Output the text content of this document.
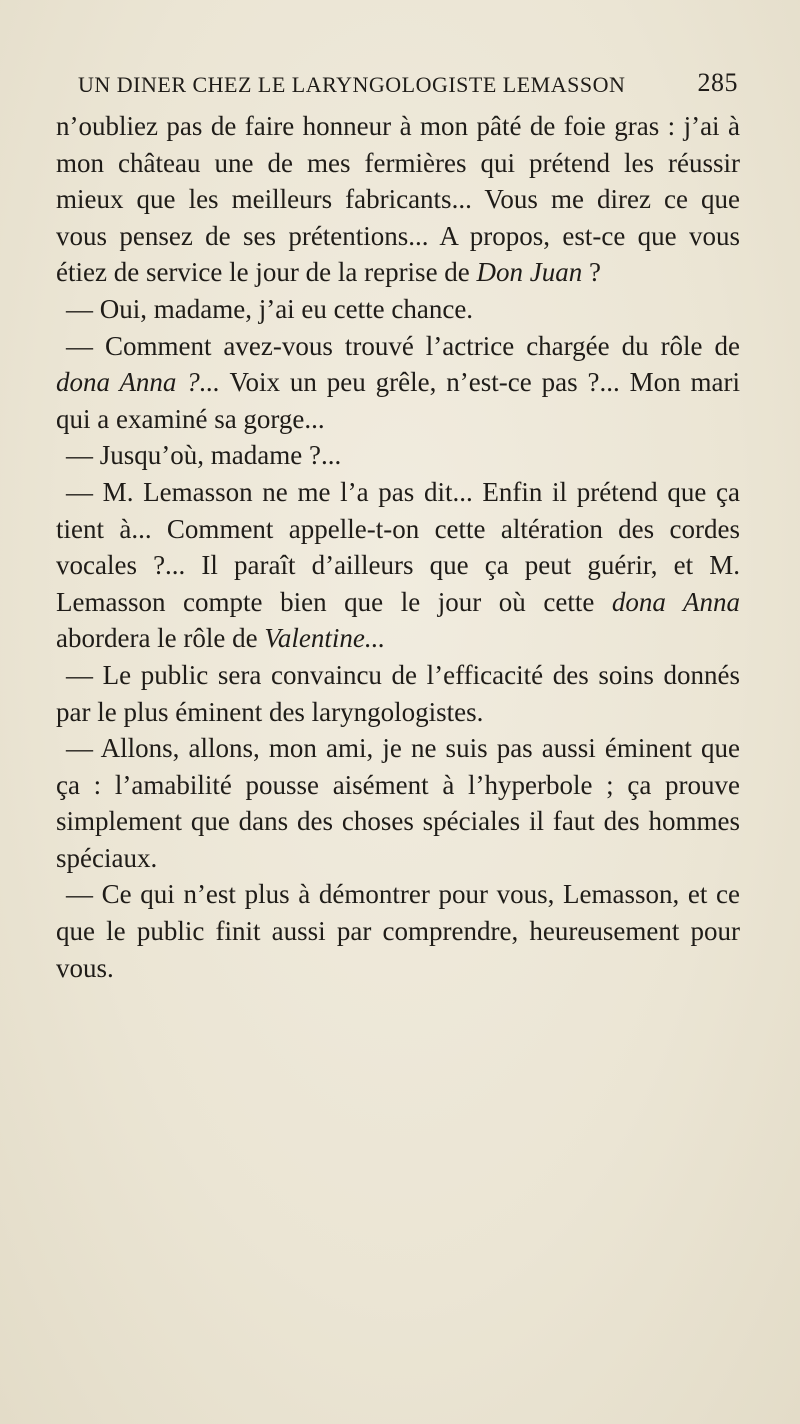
UN DINER CHEZ LE LARYNGOLOGISTE LEMASSON	285

n’oubliez pas de faire honneur à mon pâté de foie gras : j’ai à mon château une de mes fermières qui prétend les réussir mieux que les meilleurs fabricants... Vous me direz ce que vous pensez de ses prétentions... A propos, est-ce que vous étiez de service le jour de la reprise de Don Juan ?

— Oui, madame, j’ai eu cette chance.

— Comment avez-vous trouvé l’actrice chargée du rôle de dona Anna ?... Voix un peu grêle, n’est-ce pas ?... Mon mari qui a examiné sa gorge...

— Jusqu’où, madame ?...

— M. Lemasson ne me l’a pas dit... Enfin il prétend que ça tient à... Comment appelle-t-on cette altération des cordes vocales ?... Il paraît d’ailleurs que ça peut guérir, et M. Lemasson compte bien que le jour où cette dona Anna abordera le rôle de Valentine...

— Le public sera convaincu de l’efficacité des soins donnés par le plus éminent des laryngologistes.

— Allons, allons, mon ami, je ne suis pas aussi éminent que ça : l’amabilité pousse aisément à l’hyperbole ; ça prouve simplement que dans des choses spéciales il faut des hommes spéciaux.

— Ce qui n’est plus à démontrer pour vous, Lemasson, et ce que le public finit aussi par comprendre, heureusement pour vous.
